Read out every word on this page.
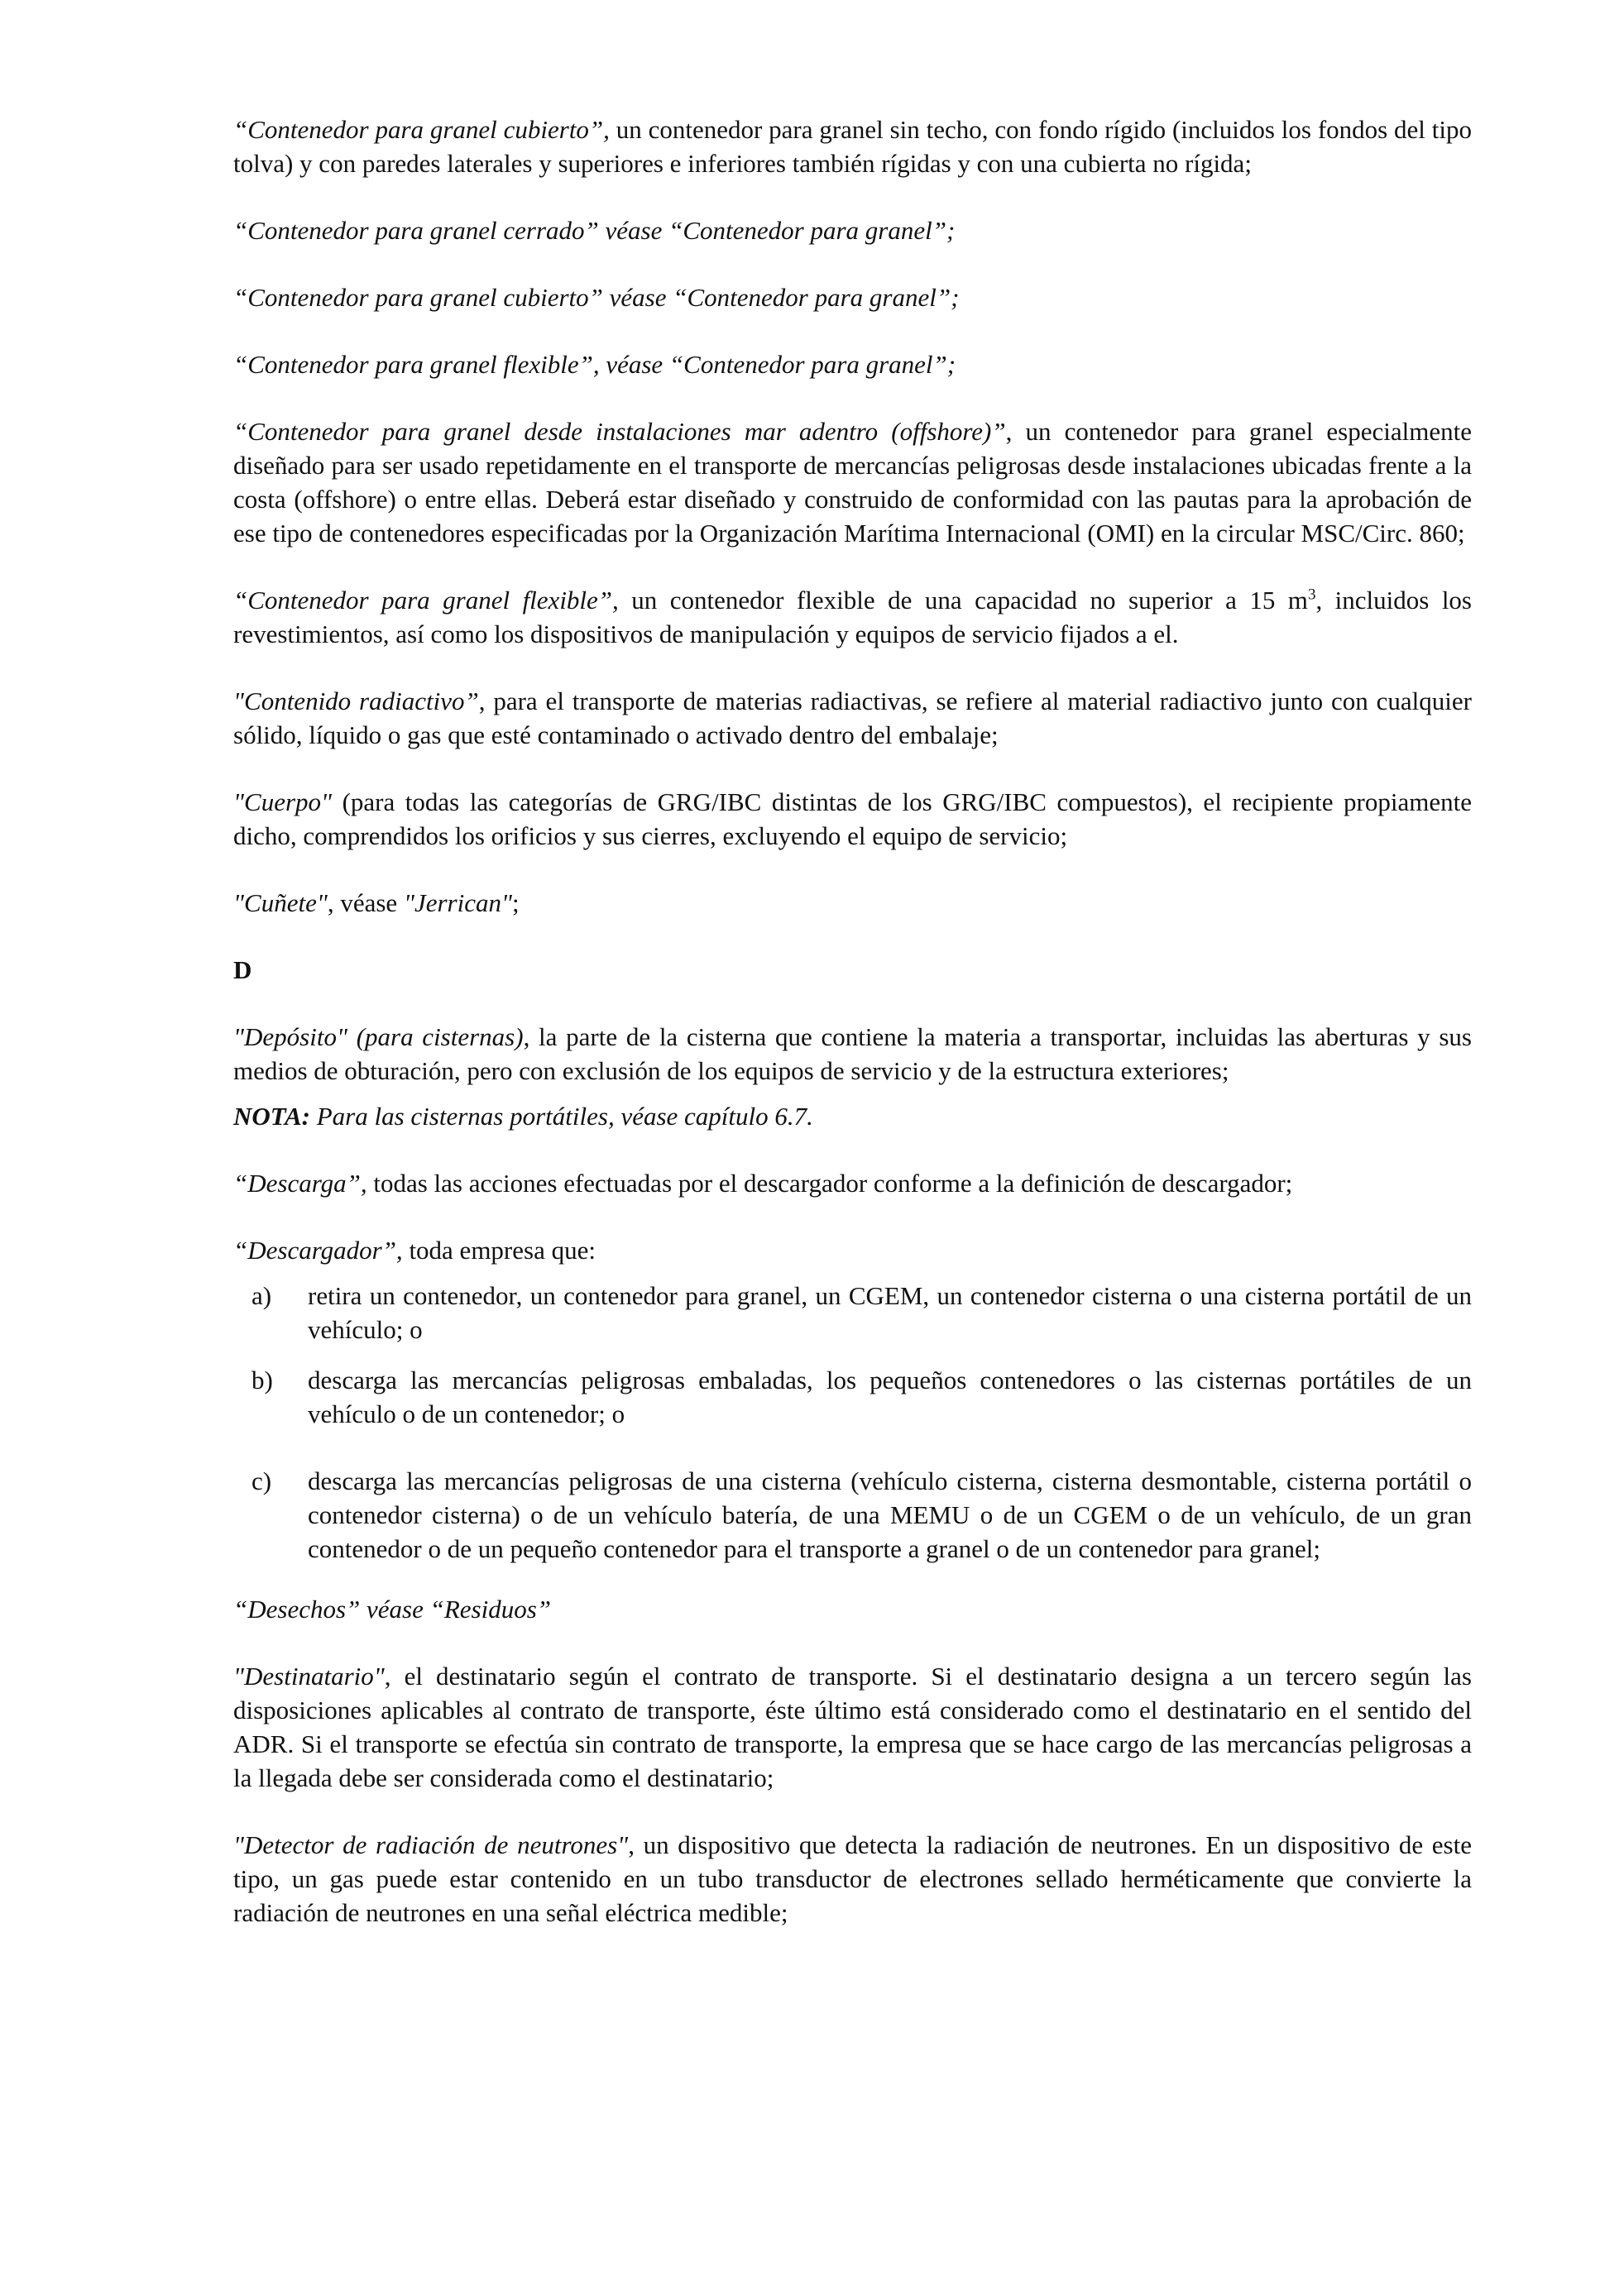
“Contenedor para granel cubierto”, un contenedor para granel sin techo, con fondo rígido (incluidos los fondos del tipo tolva) y con paredes laterales y superiores e inferiores también rígidas y con una cubierta no rígida;

“Contenedor para granel cerrado” véase “Contenedor para granel”;

“Contenedor para granel cubierto” véase “Contenedor para granel”;

“Contenedor para granel flexible”, véase “Contenedor para granel”;

“Contenedor para granel desde instalaciones mar adentro (offshore)”, un contenedor para granel especialmente diseñado para ser usado repetidamente en el transporte de mercancías peligrosas desde instalaciones ubicadas frente a la costa (offshore) o entre ellas. Deberá estar diseñado y construido de conformidad con las pautas para la aprobación de ese tipo de contenedores especificadas por la Organización Marítima Internacional (OMI) en la circular MSC/Circ. 860;

“Contenedor para granel flexible”, un contenedor flexible de una capacidad no superior a 15 $m^3$, incluidos los revestimientos, así como los dispositivos de manipulación y equipos de servicio fijados a el.

"Contenido radiactivo”, para el transporte de materias radiactivas, se refiere al material radiactivo junto con cualquier sólido, líquido o gas que esté contaminado o activado dentro del embalaje;

"Cuerpo" (para todas las categorías de GRG/IBC distintas de los GRG/IBC compuestos), el recipiente propiamente dicho, comprendidos los orificios y sus cierres, excluyendo el equipo de servicio;

"Cuñete", véase "Jerrican";

D

"Depósito" (para cisternas), la parte de la cisterna que contiene la materia a transportar, incluidas las aberturas y sus medios de obturación, pero con exclusión de los equipos de servicio y de la estructura exteriores;

NOTA: Para las cisternas portátiles, véase capítulo 6.7.

“Descarga”, todas las acciones efectuadas por el descargador conforme a la definición de descargador;

“Descargador”, toda empresa que:

a)	retira un contenedor, un contenedor para granel, un CGEM, un contenedor cisterna o una cisterna portátil de un vehículo; o
b)	descarga las mercancías peligrosas embaladas, los pequeños contenedores o las cisternas portátiles de un vehículo o de un contenedor; o
c)	descarga las mercancías peligrosas de una cisterna (vehículo cisterna, cisterna desmontable, cisterna portátil o contenedor cisterna) o de un vehículo batería, de una MEMU o de un CGEM o de un vehículo, de un gran contenedor o de un pequeño contenedor para el transporte a granel o de un contenedor para granel;

“Desechos” véase “Residuos”

"Destinatario", el destinatario según el contrato de transporte. Si el destinatario designa a un tercero según las disposiciones aplicables al contrato de transporte, éste último está considerado como el destinatario en el sentido del ADR. Si el transporte se efectúa sin contrato de transporte, la empresa que se hace cargo de las mercancías peligrosas a la llegada debe ser considerada como el destinatario;

"Detector de radiación de neutrones", un dispositivo que detecta la radiación de neutrones. En un dispositivo de este tipo, un gas puede estar contenido en un tubo transductor de electrones sellado herméticamente que convierte la radiación de neutrones en una señal eléctrica medible;
